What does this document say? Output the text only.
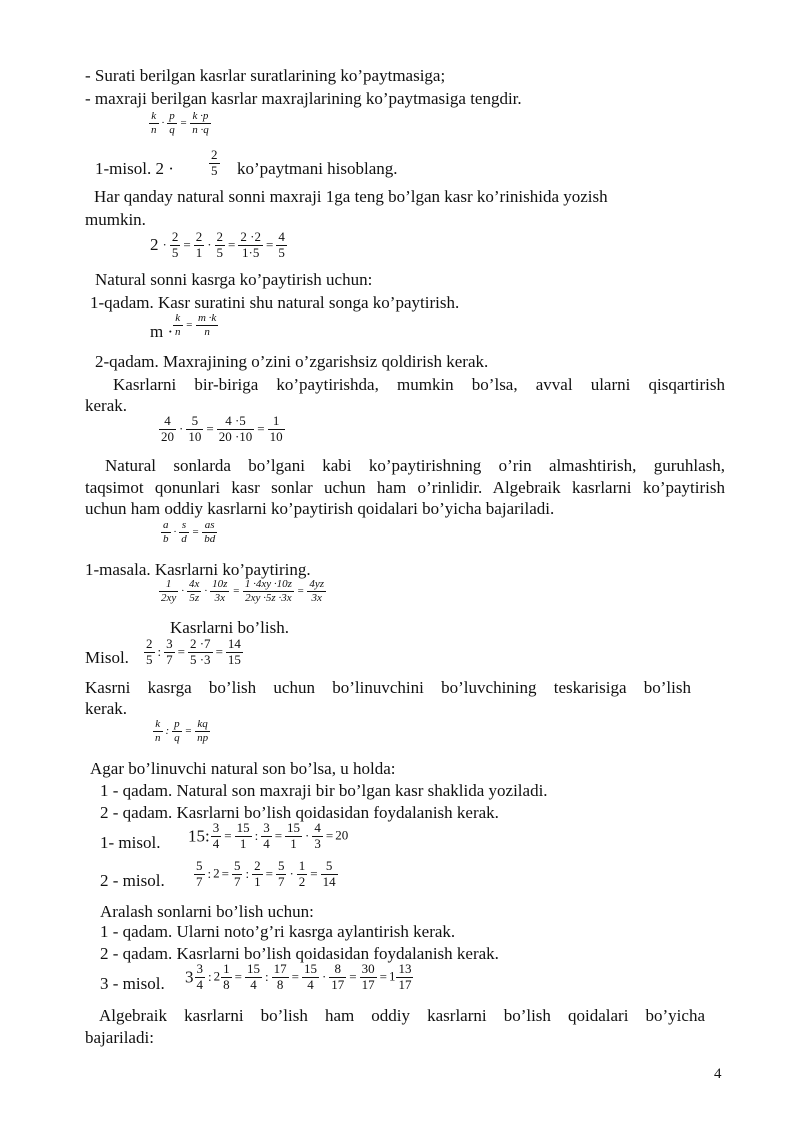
- Surati berilgan kasrlar suratlarining ko’paytmasiga;
- maxraji berilgan kasrlar maxrajlarining ko’paytmasiga tengdir.
$\frac{k}{n} \cdot \frac{p}{q} = \frac{k \cdot p}{n \cdot q}$
1-misol. 2 ·	$\frac{2}{5}$ ko’paytmani hisoblang.
Har qanday natural sonni maxraji 1ga teng bo’lgan kasr ko’rinishida yozish
mumkin.
$2 \cdot \frac{2}{5} = \frac{2}{1} \cdot \frac{2}{5} = \frac{2 \cdot 2}{1\cdot 5} = \frac{4}{5}$
Natural sonni kasrga ko’paytirish uchun:
1-qadam. Kasr suratini shu natural songa ko’paytirish.
$m \cdot \frac{k}{n} = \frac{m \cdot k}{n}$
2-qadam. Maxrajining o’zini o’zgarishsiz qoldirish kerak.
Kasrlarni bir-biriga ko’paytirishda, mumkin bo’lsa, avval ularni qisqartirish
kerak.
$\frac{4}{20} \cdot \frac{5}{10} = \frac{4 \cdot 5}{20 \cdot 10} = \frac{1}{10}$
Natural sonlarda bo’lgani kabi ko’paytirishning o’rin almashtirish, guruhlash,
taqsimot qonunlari kasr sonlar uchun ham o’rinlidir. Algebraik kasrlarni ko’paytirish
uchun ham oddiy kasrlarni ko’paytirish qoidalari bo’yicha bajariladi.
$\frac{a}{b} \cdot \frac{s}{d} = \frac{as}{bd}$
1-masala. Kasrlarni ko’paytiring.
$\frac{1}{2xy} \cdot \frac{4x}{5z} \cdot \frac{10z}{3x} = \frac{1 \cdot 4xy \cdot 10z}{2xy \cdot 5z \cdot 3x} = \frac{4yz}{3x}$
Kasrlarni bo’lish.
Misol. $\frac{2}{5}$ : $\frac{3}{7} = \frac{2 \cdot 7}{5 \cdot 3} = \frac{14}{15}$
Kasrni kasrga bo’lish uchun bo’linuvchini bo’luvchining teskarisiga bo’lish
kerak.
$\frac{k}{n}$ : $\frac{p}{q} = \frac{kq}{np}$
Agar bo’linuvchi natural son bo’lsa, u holda:
1 - qadam. Natural son maxraji bir bo’lgan kasr shaklida yoziladi.
2 - qadam. Kasrlarni bo’lish qoidasidan foydalanish kerak.
1- misol. 15: $\frac{3}{4} = \frac{15}{1}$ : $\frac{3}{4} = \frac{15}{1} \cdot \frac{4}{3} = 20$
2 - misol. $\frac{5}{7}$ : $2 = \frac{5}{7}$ : $\frac{2}{1} = \frac{5}{7} \cdot \frac{1}{2} = \frac{5}{14}$
Aralash sonlarni bo’lish uchun:
1 - qadam. Ularni noto’g’ri kasrga aylantirish kerak.
2 - qadam. Kasrlarni bo’lish qoidasidan foydalanish kerak.
3 - misol. $3 \frac{3}{4}$ : $2 \frac{1}{8} = \frac{15}{4}$ : $\frac{17}{8} = \frac{15}{4} \cdot \frac{8}{17} = \frac{30}{17} = 1 \frac{13}{17}$
Algebraik kasrlarni bo’lish ham oddiy kasrlarni bo’lish qoidalari bo’yicha
bajariladi:
4
